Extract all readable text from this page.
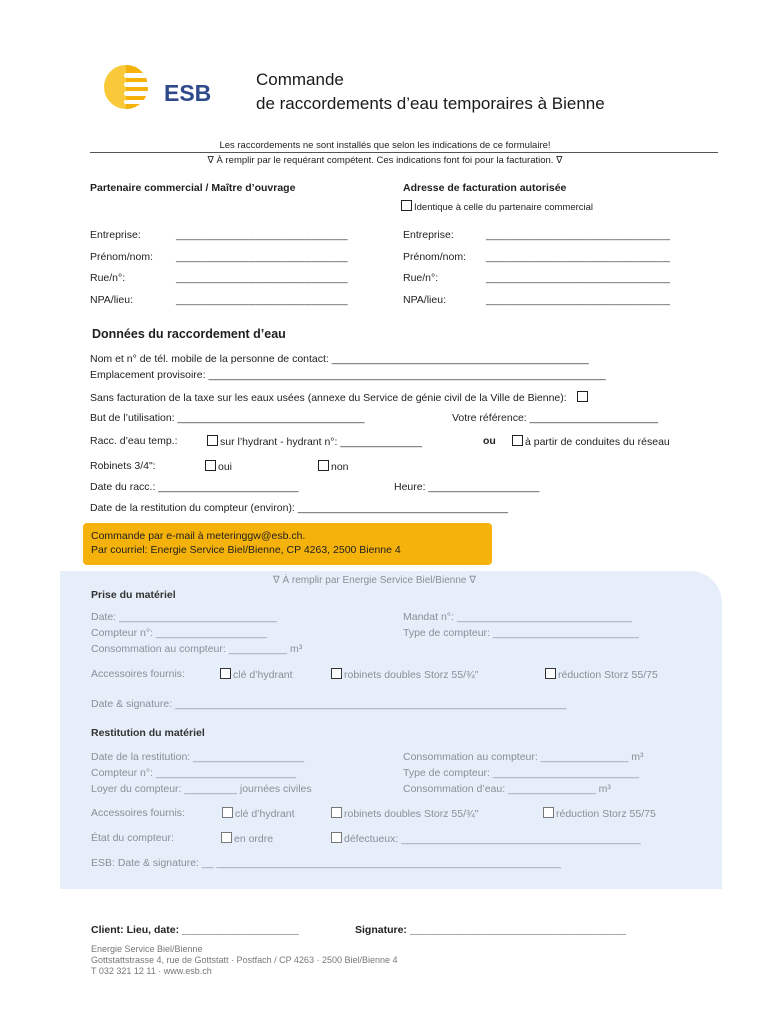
ESB
Commande
de raccordements d’eau temporaires à Bienne
Les raccordements ne sont installés que selon les indications de ce formulaire!
∇ À remplir par le requérant compétent. Ces indications font foi pour la facturation. ∇
Partenaire commercial / Maître d’ouvrage	Adresse de facturation autorisée
Identique à celle du partenaire commercial
Entreprise:	____________________________
Prénom/nom: ____________________________
Rue/n°:	____________________________
NPA/lieu:	____________________________
Entreprise:	______________________________
Prénom/nom: ______________________________
Rue/n°:	______________________________
NPA/lieu:	______________________________
Données du raccordement d’eau
Nom et n° de tél. mobile de la personne de contact: ____________________________________________
Emplacement provisoire: ____________________________________________________________________
Sans facturation de la taxe sur les eaux usées (annexe du Service de génie civil de la Ville de Bienne):
But de l’utilisation: ________________________________	Votre référence: ______________________
Racc. d’eau temp.:	sur l’hydrant - hydrant n°: ______________	ou	à partir de conduites du réseau
Robinets 3/4":	oui	non
Date du racc.: ________________________	Heure: ___________________
Date de la restitution du compteur (environ): ____________________________________
Commande par e-mail à meteringgw@esb.ch.
Par courriel: Energie Service Biel/Bienne, CP 4263, 2500 Bienne 4
∇ À remplir par Energie Service Biel/Bienne ∇
Prise du matériel
Date: ___________________________	Mandat n°: ______________________________
Compteur n°: ___________________	Type de compteur: _________________________
Consommation au compteur: __________ m³
Accessoires fournis:	clé d’hydrant	robinets doubles Storz 55/¾"	réduction Storz 55/75
Date & signature: ___________________________________________________________________
Restitution du matériel
Date de la restitution: ___________________	Consommation au compteur: _______________ m³
Compteur n°: ________________________	Type de compteur: _________________________
Loyer du compteur: _________ journées civiles	Consommation d’eau: _______________ m³
Accessoires fournis:	clé d’hydrant	robinets doubles Storz 55/¾"	réduction Storz 55/75
État du compteur:	en ordre	défectueux: _________________________________________
ESB: Date & signature: __ ___________________________________________________________
Client: Lieu, date: ____________________	Signature: _____________________________________
Energie Service Biel/Bienne
Gottstattstrasse 4, rue de Gottstatt · Postfach / CP 4263 · 2500 Biel/Bienne 4
T 032 321 12 11 · www.esb.ch
